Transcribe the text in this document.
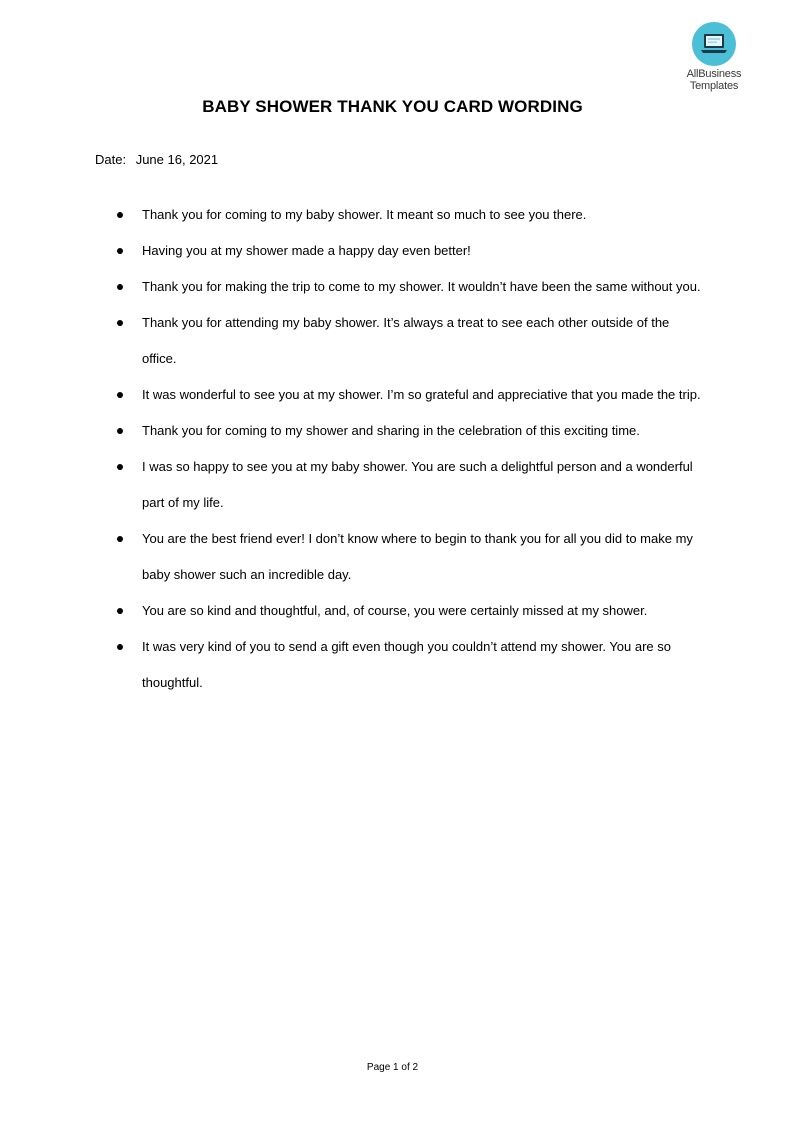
AllBusiness
Templates
BABY SHOWER THANK YOU CARD WORDING
Date: June 16, 2021
Thank you for coming to my baby shower. It meant so much to see you there.
Having you at my shower made a happy day even better!
Thank you for making the trip to come to my shower. It wouldn’t have been the same without you.
Thank you for attending my baby shower. It’s always a treat to see each other outside of the office.
It was wonderful to see you at my shower. I’m so grateful and appreciative that you made the trip.
Thank you for coming to my shower and sharing in the celebration of this exciting time.
I was so happy to see you at my baby shower. You are such a delightful person and a wonderful part of my life.
You are the best friend ever! I don’t know where to begin to thank you for all you did to make my baby shower such an incredible day.
You are so kind and thoughtful, and, of course, you were certainly missed at my shower.
It was very kind of you to send a gift even though you couldn’t attend my shower. You are so thoughtful.
Page 1 of 2
